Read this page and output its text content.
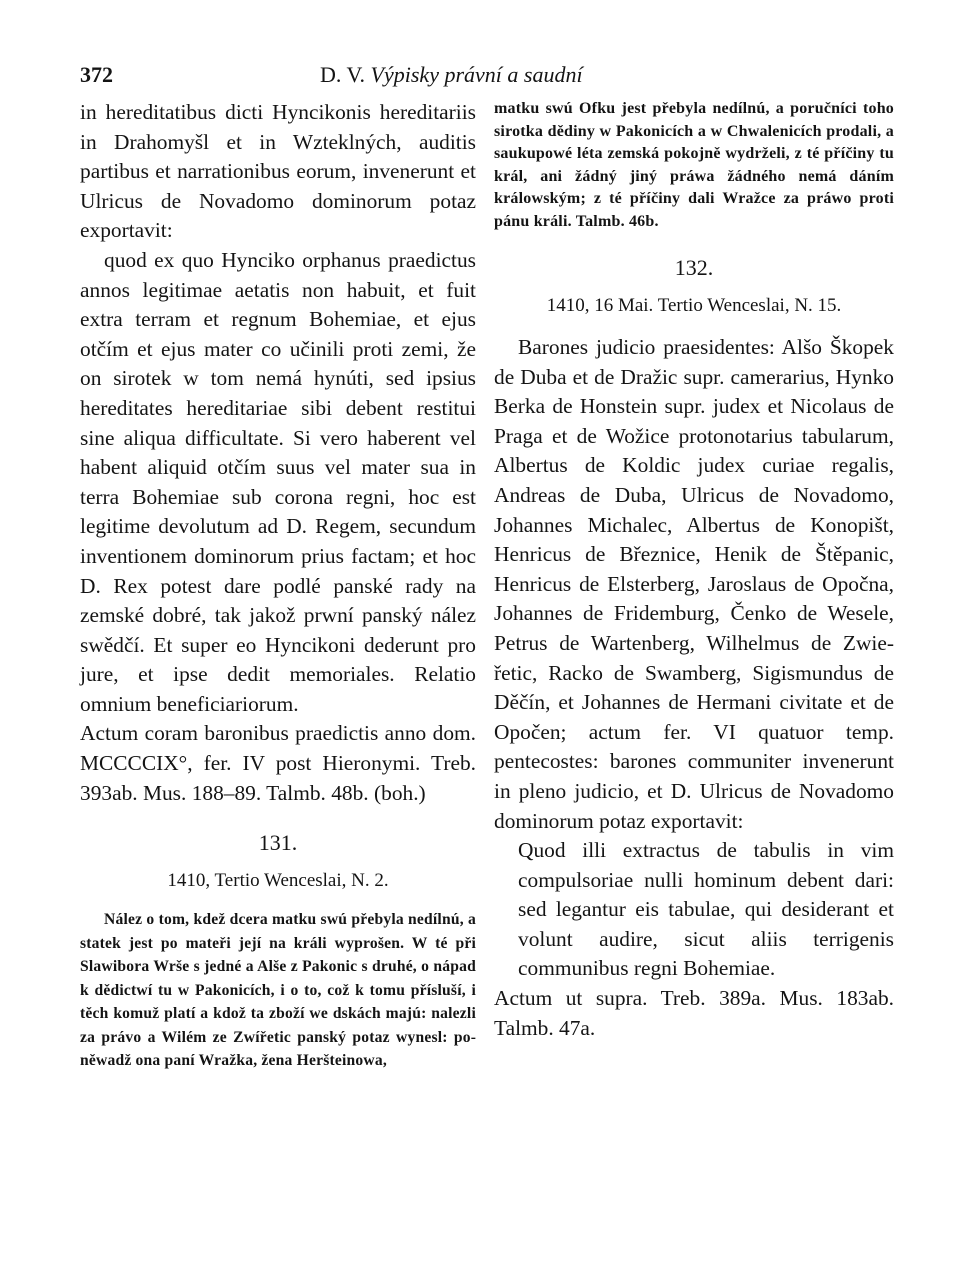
372	D. V. Výpisky právní a saudní

in hereditatibus dicti Hyncikonis hereditariis in Drahomyšl et in Wzteklných, auditis partibus et narrationibus eorum, invenerunt et Ulricus de Novadomo dominorum potaz exportavit:

quod ex quo Hynciko orphanus praedictus annos legitimae aetatis non habuit, et fuit extra terram et regnum Bohemiae, et ejus otčím et ejus mater co učinili proti zemi, že on sirotek w tom nemá hynúti, sed ipsius hereditates hereditariae sibi debent restitui sine aliqua difficultate. Si vero haberent vel habent aliquid otčím suus vel mater sua in terra Bohemiae sub corona regni, hoc est legitime devolutum ad D. Regem, secundum inventionem dominorum prius factam; et hoc D. Rex potest dare podlé panské rady na zemské dobré, tak jakož prwní panský nález swědčí. Et super eo Hyncikoni dederunt pro jure, et ipse dedit memoriales. Relatio omnium beneficiariorum.

Actum coram baronibus praedictis anno dom. MCCCCIX°, fer. IV post Hieronymi. Treb. 393ab. Mus. 188–89. Talmb. 48b. (boh.)

131.
1410, Tertio Wenceslai, N. 2.

Nález o tom, kdež dcera matku swú přebyla nedílnú, a statek jest po mateři její na králi wyprošen. W té při Slawibora Wrše s jedné a Alše z Pakonic s druhé, o nápad k dědictwí tu w Pakonicích, i o to, což k tomu přísluší, i těch komuž platí a kdož ta zboží we dskách majú: nalezli za právo a Wilém ze Zwířetic panský potaz wynesl: poněwadž ona paní Wražka, žena Heršteinowa,

matku swú Ofku jest přebyla nedílnú, a poručníci toho sirotka dědiny w Pakonicích a w Chwalenicích prodali, a saukupowé léta zemská pokojně wydrželi, z té příčiny tu král, ani žádný jiný práwa žádného nemá dáním králowským; z té příčiny dali Wražce za práwo proti pánu králi. Talmb. 46b.

132.
1410, 16 Mai. Tertio Wenceslai, N. 15.

Barones judicio praesidentes: Alšo Škopek de Duba et de Dražic supr. camerarius, Hynko Berka de Honstein supr. judex et Nicolaus de Praga et de Wožice protonotarius tabularum, Albertus de Koldic judex curiae regalis, Andreas de Duba, Ulricus de Novadomo, Johannes Michalec, Albertus de Konopišt, Henricus de Březnice, Henik de Štěpanic, Henricus de Elsterberg, Jaroslaus de Opočna, Johannes de Fridemburg, Čenko de Wesele, Petrus de Wartenberg, Wilhelmus de Zwieřetic, Racko de Swamberg, Sigismundus de Děčín, et Johannes de Hermani civitate et de Opočen; actum fer. VI quatuor temp. pentecostes: barones communiter invenerunt in pleno judicio, et D. Ulricus de Novadomo dominorum potaz exportavit:

Quod illi extractus de tabulis in vim compulsoriae nulli hominum debent dari: sed legantur eis tabulae, qui desiderant et volunt audire, sicut aliis terrigenis communibus regni Bohemiae.

Actum ut supra. Treb. 389a. Mus. 183ab. Talmb. 47a.
